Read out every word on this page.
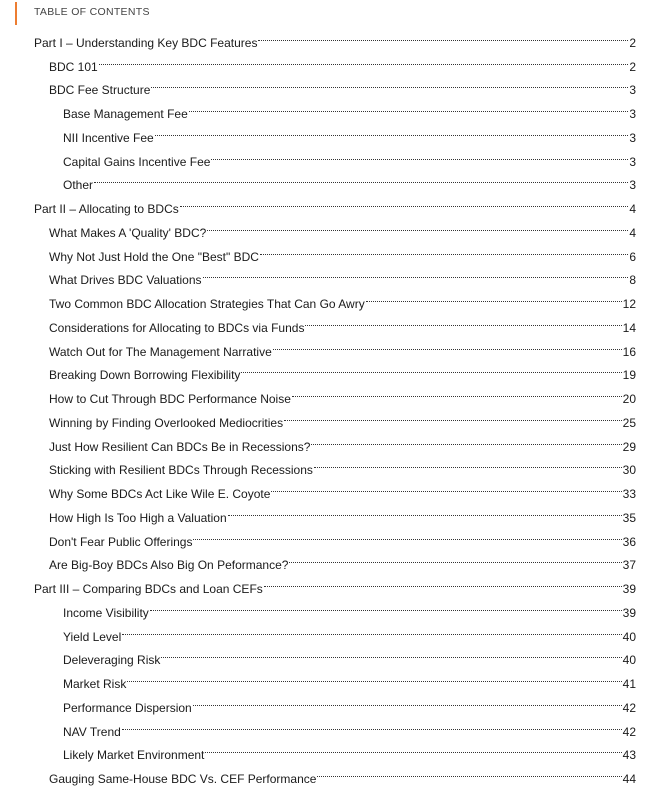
TABLE OF CONTENTS
Part I – Understanding Key BDC Features	2
BDC 101	2
BDC Fee Structure	3
Base Management Fee	3
NII Incentive Fee	3
Capital Gains Incentive Fee	3
Other	3
Part II – Allocating to BDCs	4
What Makes A 'Quality' BDC?	4
Why Not Just Hold the One "Best" BDC	6
What Drives BDC Valuations	8
Two Common BDC Allocation Strategies That Can Go Awry	12
Considerations for Allocating to BDCs via Funds	14
Watch Out for The Management Narrative	16
Breaking Down Borrowing Flexibility	19
How to Cut Through BDC Performance Noise	20
Winning by Finding Overlooked Mediocrities	25
Just How Resilient Can BDCs Be in Recessions?	29
Sticking with Resilient BDCs Through Recessions	30
Why Some BDCs Act Like Wile E. Coyote	33
How High Is Too High a Valuation	35
Don't Fear Public Offerings	36
Are Big-Boy BDCs Also Big On Peformance?	37
Part III – Comparing BDCs and Loan CEFs	39
Income Visibility	39
Yield Level	40
Deleveraging Risk	40
Market Risk	41
Performance Dispersion	42
NAV Trend	42
Likely Market Environment	43
Gauging Same-House BDC Vs. CEF Performance	44
